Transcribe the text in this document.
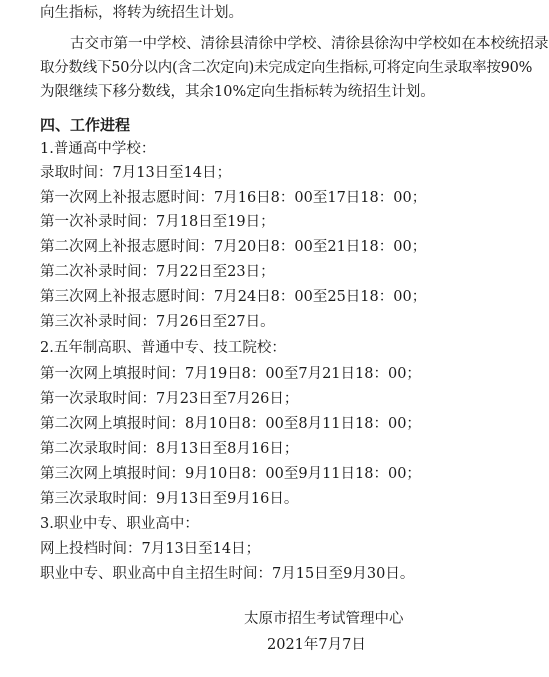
向生指标，将转为统招生计划。
古交市第一中学校、清徐县清徐中学校、清徐县徐沟中学校如在本校统招录
取分数线下50分以内(含二次定向)未完成定向生指标,可将定向生录取率按90%
为限继续下移分数线，其余10%定向生指标转为统招生计划。
四、工作进程
1.普通高中学校：
录取时间：7月13日至14日；
第一次网上补报志愿时间：7月16日8：00至17日18：00；
第一次补录时间：7月18日至19日；
第二次网上补报志愿时间：7月20日8：00至21日18：00；
第二次补录时间：7月22日至23日；
第三次网上补报志愿时间：7月24日8：00至25日18：00；
第三次补录时间：7月26日至27日。
2.五年制高职、普通中专、技工院校：
第一次网上填报时间：7月19日8：00至7月21日18：00；
第一次录取时间：7月23日至7月26日；
第二次网上填报时间：8月10日8：00至8月11日18：00；
第二次录取时间：8月13日至8月16日；
第三次网上填报时间：9月10日8：00至9月11日18：00；
第三次录取时间：9月13日至9月16日。
3.职业中专、职业高中：
网上投档时间：7月13日至14日；
职业中专、职业高中自主招生时间：7月15日至9月30日。
太原市招生考试管理中心
2021年7月7日
